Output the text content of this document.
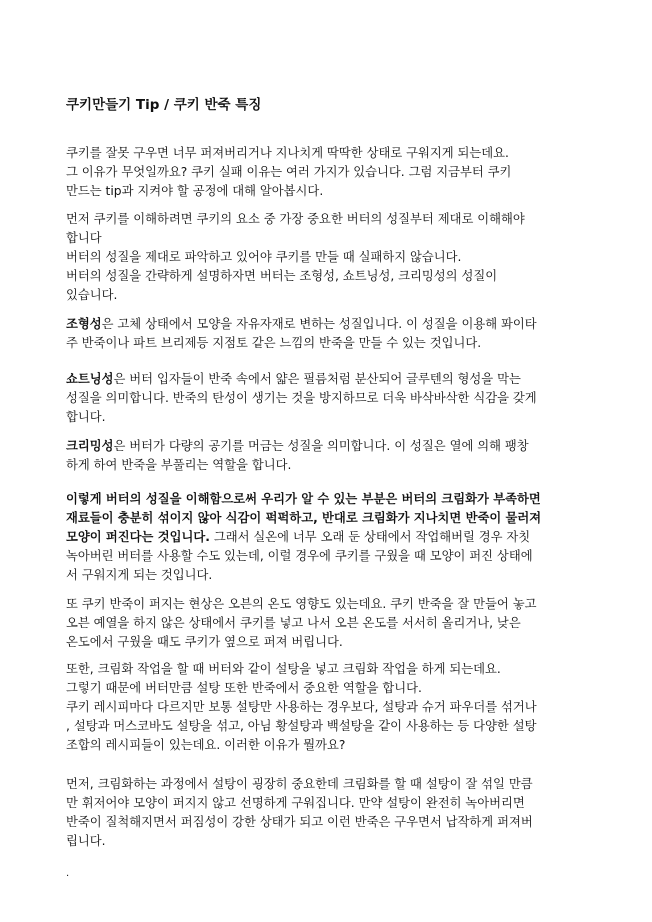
쿠키만들기 Tip / 쿠키 반죽 특징
쿠키를 잘못 구우면 너무 퍼져버리거나 지나치게 딱딱한 상태로 구워지게 되는데요.
그 이유가 무엇일까요? 쿠키 실패 이유는 여러 가지가 있습니다. 그럼 지금부터 쿠키
만드는 tip과 지켜야 할 공정에 대해 알아봅시다.
먼저 쿠키를 이해하려면 쿠키의 요소 중 가장 중요한 버터의 성질부터 제대로 이해해야
합니다
버터의 성질을 제대로 파악하고 있어야 쿠키를 만들 때 실패하지 않습니다.
버터의 성질을 간략하게 설명하자면 버터는 조형성, 쇼트닝성, 크리밍성의 성질이
있습니다.
조형성은 고체 상태에서 모양을 자유자재로 변하는 성질입니다. 이 성질을 이용해 퐈이타
주 반죽이나 파트 브리제등 지점토 같은 느낌의 반죽을 만들 수 있는 것입니다.
쇼트닝성은 버터 입자들이 반죽 속에서 얇은 필름처럼 분산되어 글루텐의 형성을 막는
성질을 의미합니다. 반죽의 탄성이 생기는 것을 방지하므로 더욱 바삭바삭한 식감을 갖게
합니다.
크리밍성은 버터가 다량의 공기를 머금는 성질을 의미합니다. 이 성질은 열에 의해 팽창
하게 하여 반죽을 부풀리는 역할을 합니다.
이렇게 버터의 성질을 이해함으로써 우리가 알 수 있는 부분은 버터의 크림화가 부족하면
재료들이 충분히 섞이지 않아 식감이 퍽퍽하고, 반대로 크림화가 지나치면 반죽이 물러져
모양이 퍼진다는 것입니다. 그래서 실온에 너무 오래 둔 상태에서 작업해버릴 경우 자칫
녹아버린 버터를 사용할 수도 있는데, 이럴 경우에 쿠키를 구웠을 때 모양이 퍼진 상태에
서 구워지게 되는 것입니다.
또 쿠키 반죽이 퍼지는 현상은 오븐의 온도 영향도 있는데요. 쿠키 반죽을 잘 만들어 놓고
오븐 예열을 하지 않은 상태에서 쿠키를 넣고 나서 오븐 온도를 서서히 올리거나, 낮은
온도에서 구웠을 때도 쿠키가 옆으로 퍼져 버립니다.
또한, 크림화 작업을 할 때 버터와 같이 설탕을 넣고 크림화 작업을 하게 되는데요.
그렇기 때문에 버터만큼 설탕 또한 반죽에서 중요한 역할을 합니다.
쿠키 레시피마다 다르지만 보통 설탕만 사용하는 경우보다, 설탕과 슈거 파우더를 섞거나
, 설탕과 머스코바도 설탕을 섞고, 아님 황설탕과 백설탕을 같이 사용하는 등 다양한 설탕
조합의 레시피들이 있는데요. 이러한 이유가 뭘까요?
먼저, 크림화하는 과정에서 설탕이 굉장히 중요한데 크림화를 할 때 설탕이 잘 섞일 만큼
만 휘저어야 모양이 퍼지지 않고 선명하게 구워집니다. 만약 설탕이 완전히 녹아버리면
반죽이 질척해지면서 퍼짐성이 강한 상태가 되고 이런 반죽은 구우면서 납작하게 퍼져버
립니다.
.
